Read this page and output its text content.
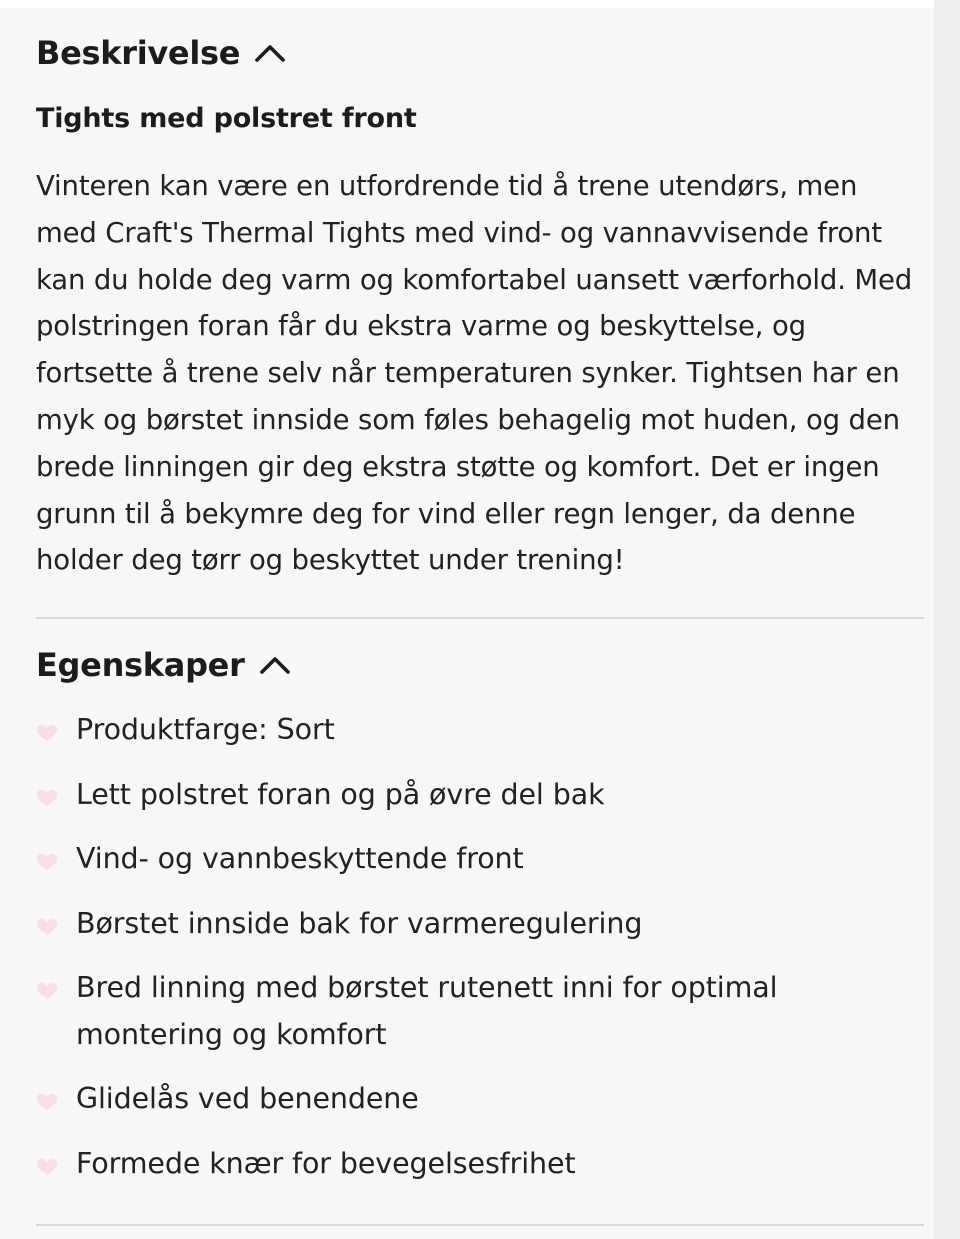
Beskrivelse
Tights med polstret front
Vinteren kan være en utfordrende tid å trene utendørs, men med Craft's Thermal Tights med vind- og vannavvisende front kan du holde deg varm og komfortabel uansett værforhold. Med polstringen foran får du ekstra varme og beskyttelse, og fortsette å trene selv når temperaturen synker. Tightsen har en myk og børstet innside som føles behagelig mot huden, og den brede linningen gir deg ekstra støtte og komfort. Det er ingen grunn til å bekymre deg for vind eller regn lenger, da denne holder deg tørr og beskyttet under trening!
Egenskaper
Produktfarge: Sort
Lett polstret foran og på øvre del bak
Vind- og vannbeskyttende front
Børstet innside bak for varmeregulering
Bred linning med børstet rutenett inni for optimal montering og komfort
Glidelås ved benendene
Formede knær for bevegelsesfrihet
